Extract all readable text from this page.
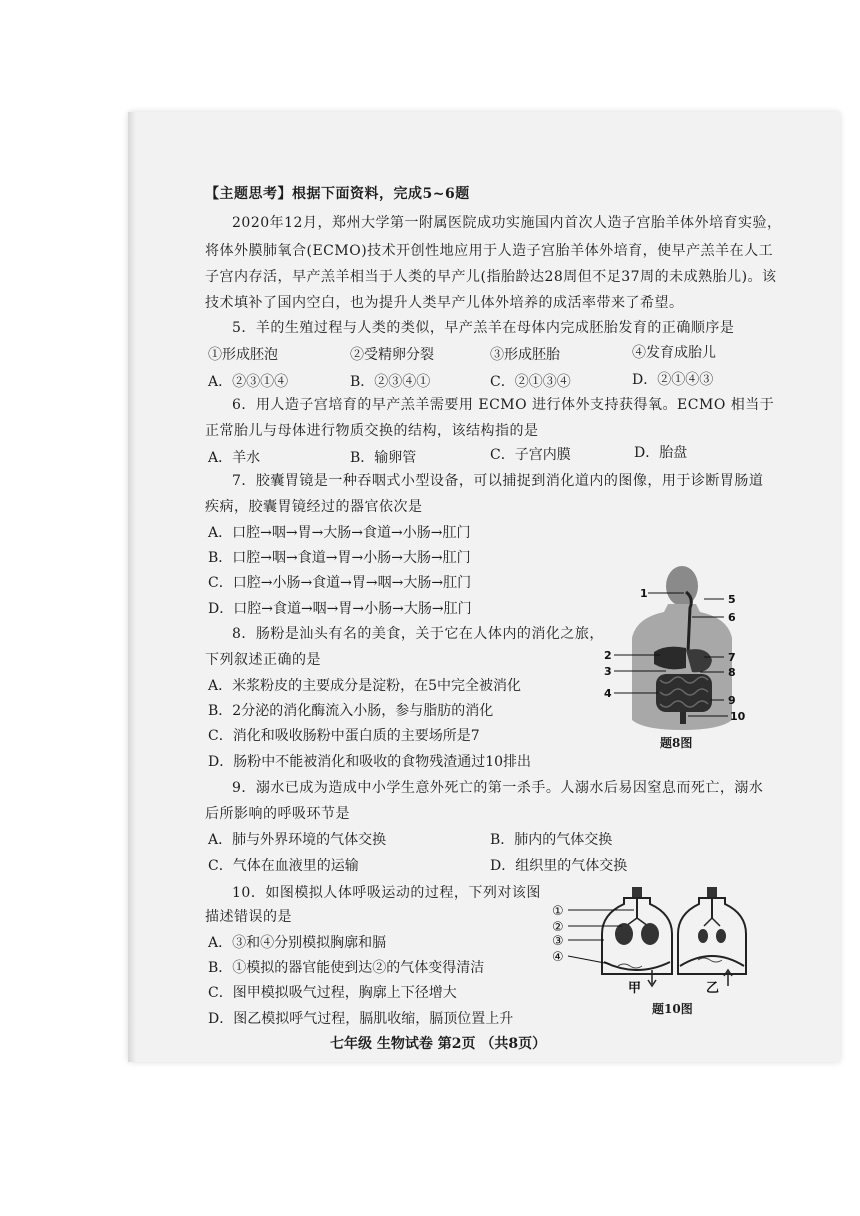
【主题思考】根据下面资料，完成5~6题
2020年12月，郑州大学第一附属医院成功实施国内首次人造子宫胎羊体外培育实验，
将体外膜肺氧合(ECMO)技术开创性地应用于人造子宫胎羊体外培育，使早产羔羊在人工
子宫内存活，早产羔羊相当于人类的早产儿(指胎龄达28周但不足37周的未成熟胎儿)。该
技术填补了国内空白，也为提升人类早产儿体外培养的成活率带来了希望。
5．羊的生殖过程与人类的类似，早产羔羊在母体内完成胚胎发育的正确顺序是
①形成胚泡	②受精卵分裂	③形成胚胎	④发育成胎儿
A．②③①④	B．②③④①	C．②①③④	D．②①④③
6．用人造子宫培育的早产羔羊需要用 ECMO 进行体外支持获得氧。ECMO 相当于
正常胎儿与母体进行物质交换的结构，该结构指的是
A．羊水	B．输卵管	C．子宫内膜	D．胎盘
7．胶囊胃镜是一种吞咽式小型设备，可以捕捉到消化道内的图像，用于诊断胃肠道
疾病，胶囊胃镜经过的器官依次是
A．口腔→咽→胃→大肠→食道→小肠→肛门
B．口腔→咽→食道→胃→小肠→大肠→肛门
C．口腔→小肠→食道→胃→咽→大肠→肛门
D．口腔→食道→咽→胃→小肠→大肠→肛门
8．肠粉是汕头有名的美食，关于它在人体内的消化之旅，
下列叙述正确的是
A．米浆粉皮的主要成分是淀粉，在5中完全被消化
B．2分泌的消化酶流入小肠，参与脂肪的消化
C．消化和吸收肠粉中蛋白质的主要场所是7
D．肠粉中不能被消化和吸收的食物残渣通过10排出
1
2
3
4
5
6
7
8
9
10
题8图
9．溺水已成为造成中小学生意外死亡的第一杀手。人溺水后易因窒息而死亡，溺水
后所影响的呼吸环节是
A．肺与外界环境的气体交换	B．肺内的气体交换
C．气体在血液里的运输	D．组织里的气体交换
10．如图模拟人体呼吸运动的过程，下列对该图
描述错误的是
A．③和④分别模拟胸廓和膈
B．①模拟的器官能使到达②的气体变得清洁
C．图甲模拟吸气过程，胸廓上下径增大
D．图乙模拟呼气过程，膈肌收缩，膈顶位置上升
①
②
③
④
甲	乙
题10图
七年级 生物试卷 第2页 （共8页）
